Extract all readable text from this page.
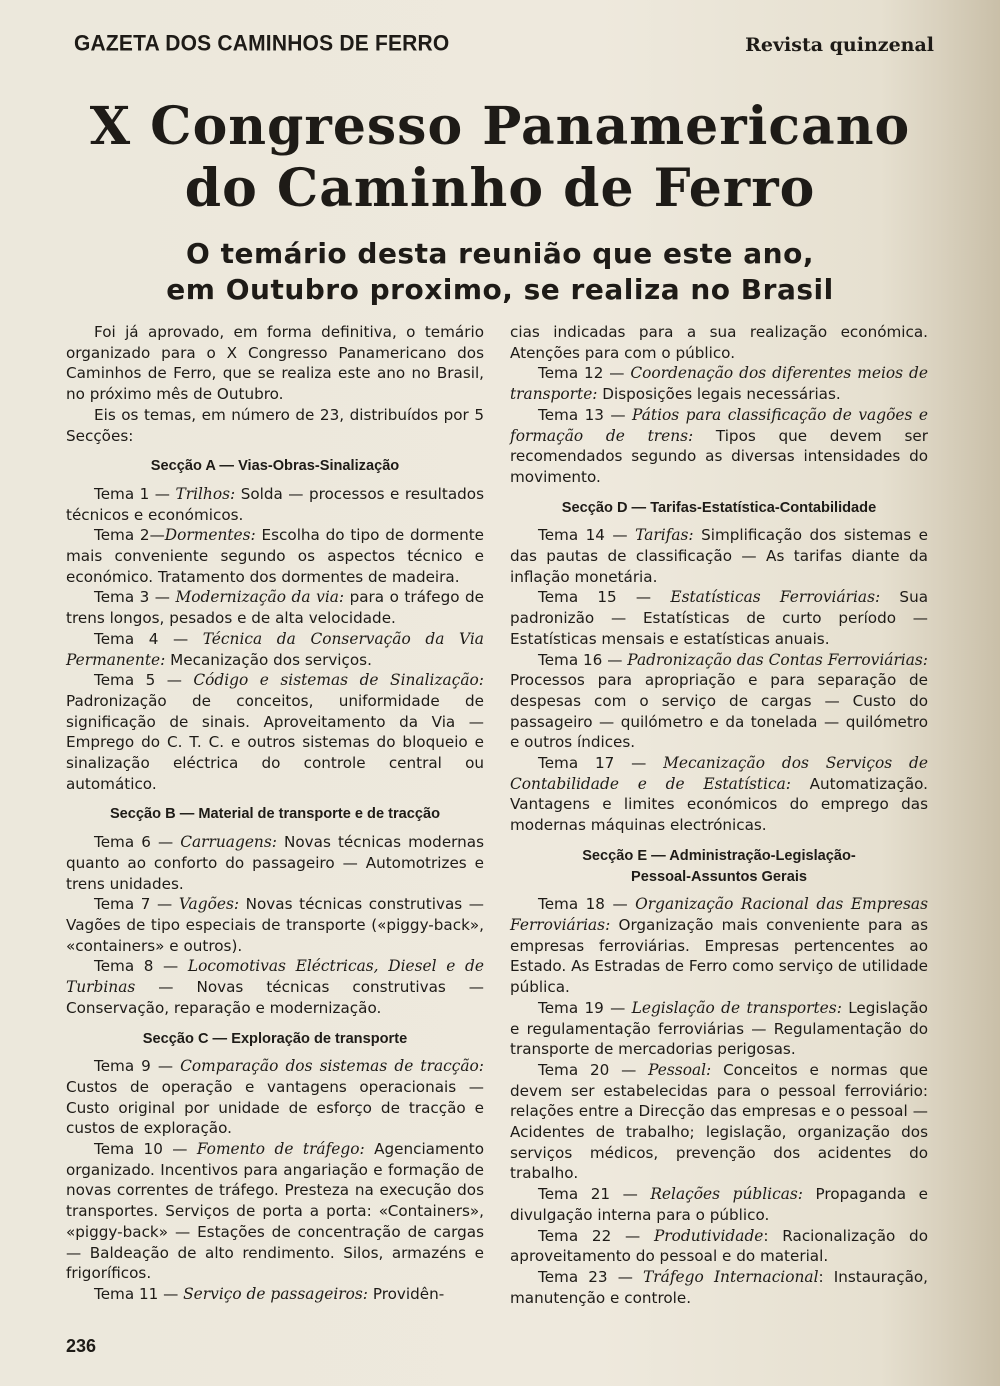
GAZETA DOS CAMINHOS DE FERRO	Revista quinzenal
X Congresso Panamericano
do Caminho de Ferro
O temário desta reunião que este ano,
em Outubro proximo, se realiza no Brasil

Foi já aprovado, em forma definitiva, o temário organizado para o X Congresso Panamericano dos Caminhos de Ferro, que se realiza este ano no Brasil, no próximo mês de Outubro.

Eis os temas, em número de 23, distribuídos por 5 Secções:

Secção A — Vias-Obras-Sinalização

Tema 1 — Trilhos: Solda — processos e resultados técnicos e económicos.

Tema 2—Dormentes: Escolha do tipo de dormente mais conveniente segundo os aspectos técnico e económico. Tratamento dos dormentes de madeira.

Tema 3 — Modernização da via: para o tráfego de trens longos, pesados e de alta velocidade.

Tema 4 — Técnica da Conservação da Via Permanente: Mecanização dos serviços.

Tema 5 — Código e sistemas de Sinalização: Padronização de conceitos, uniformidade de significação de sinais. Aproveitamento da Via — Emprego do C. T. C. e outros sistemas do bloqueio e sinalização eléctrica do controle central ou automático.

Secção B — Material de transporte e de tracção

Tema 6 — Carruagens: Novas técnicas modernas quanto ao conforto do passageiro — Automotrizes e trens unidades.

Tema 7 — Vagões: Novas técnicas construtivas — Vagões de tipo especiais de transporte («piggy-back», «containers» e outros).

Tema 8 — Locomotivas Eléctricas, Diesel e de Turbinas — Novas técnicas construtivas — Conservação, reparação e modernização.

Secção C — Exploração de transporte

Tema 9 — Comparação dos sistemas de tracção: Custos de operação e vantagens operacionais — Custo original por unidade de esforço de tracção e custos de exploração.

Tema 10 — Fomento de tráfego: Agenciamento organizado. Incentivos para angariação e formação de novas correntes de tráfego. Presteza na execução dos transportes. Serviços de porta a porta: «Containers», «piggy-back» — Estações de concentração de cargas — Baldeação de alto rendimento. Silos, armazéns e frigoríficos.

Tema 11 — Serviço de passageiros: Providên-

cias indicadas para a sua realização económica. Atenções para com o público.

Tema 12 — Coordenação dos diferentes meios de transporte: Disposições legais necessárias.

Tema 13 — Pátios para classificação de vagões e formação de trens: Tipos que devem ser recomendados segundo as diversas intensidades do movimento.

Secção D — Tarifas-Estatística-Contabilidade

Tema 14 — Tarifas: Simplificação dos sistemas e das pautas de classificação — As tarifas diante da inflação monetária.

Tema 15 — Estatísticas Ferroviárias: Sua padronizão — Estatísticas de curto período — Estatísticas mensais e estatísticas anuais.

Tema 16 — Padronização das Contas Ferroviárias: Processos para apropriação e para separação de despesas com o serviço de cargas — Custo do passageiro — quilómetro e da tonelada — quilómetro e outros índices.

Tema 17 — Mecanização dos Serviços de Contabilidade e de Estatística: Automatização. Vantagens e limites económicos do emprego das modernas máquinas electrónicas.

Secção E — Administração-Legislação-
Pessoal-Assuntos Gerais

Tema 18 — Organização Racional das Empresas Ferroviárias: Organização mais conveniente para as empresas ferroviárias. Empresas pertencentes ao Estado. As Estradas de Ferro como serviço de utilidade pública.

Tema 19 — Legislação de transportes: Legislação e regulamentação ferroviárias — Regulamentação do transporte de mercadorias perigosas.

Tema 20 — Pessoal: Conceitos e normas que devem ser estabelecidas para o pessoal ferroviário: relações entre a Direcção das empresas e o pessoal — Acidentes de trabalho; legislação, organização dos serviços médicos, prevenção dos acidentes do trabalho.

Tema 21 — Relações públicas: Propaganda e divulgação interna para o público.

Tema 22 — Produtividade: Racionalização do aproveitamento do pessoal e do material.

Tema 23 — Tráfego Internacional: Instauração, manutenção e controle.

236
